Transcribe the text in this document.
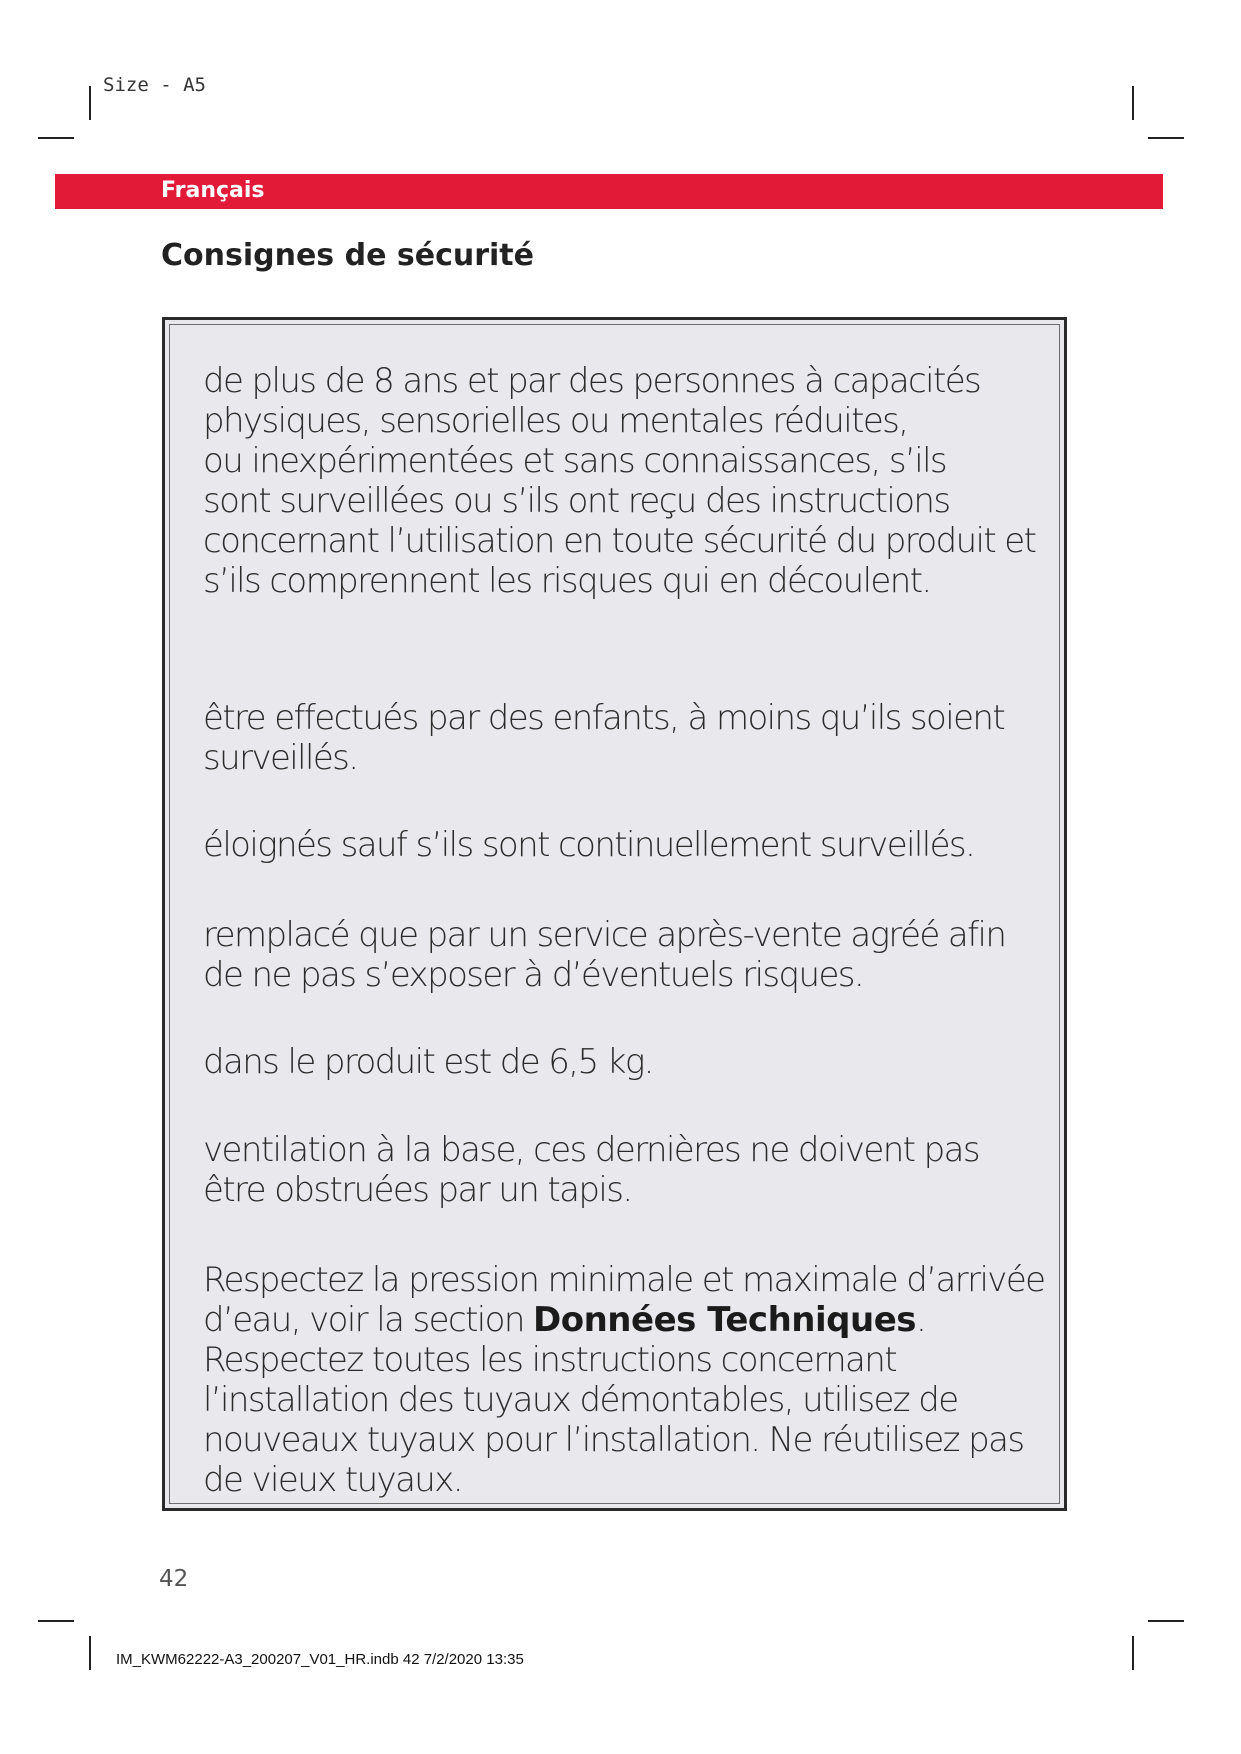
Size - A5
Français
Consignes de sécurité
de plus de 8 ans et par des personnes à capacités
physiques, sensorielles ou mentales réduites,
ou inexpérimentées et sans connaissances, s’ils
sont surveillées ou s’ils ont reçu des instructions
concernant l’utilisation en toute sécurité du produit et
s’ils comprennent les risques qui en découlent.
être effectués par des enfants, à moins qu’ils soient
surveillés.
éloignés sauf s’ils sont continuellement surveillés.
remplacé que par un service après-vente agréé afin
de ne pas s’exposer à d’éventuels risques.
dans le produit est de 6,5 kg.
ventilation à la base, ces dernières ne doivent pas
être obstruées par un tapis.
Respectez la pression minimale et maximale d’arrivée
d’eau, voir la section Données Techniques.
Respectez toutes les instructions concernant
l’installation des tuyaux démontables, utilisez de
nouveaux tuyaux pour l’installation. Ne réutilisez pas
de vieux tuyaux.
42
IM_KWM62222-A3_200207_V01_HR.indb 42 7/2/2020 13:35
